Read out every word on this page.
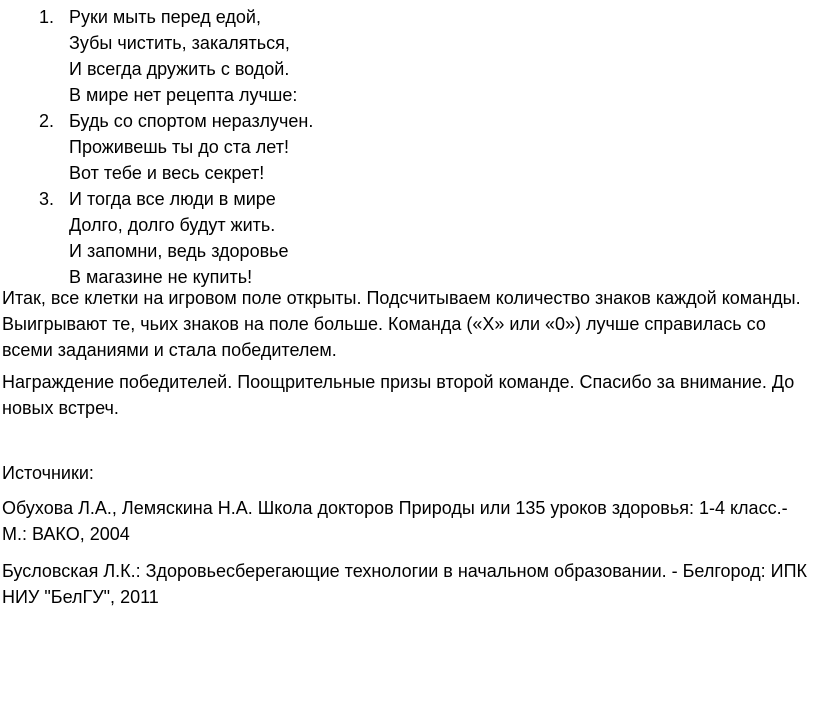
1. Руки мыть перед едой,
Зубы чистить, закаляться,
И всегда дружить с водой.
В мире нет рецепта лучше:
2. Будь со спортом неразлучен.
Проживешь ты до ста лет!
Вот тебе и весь секрет!
3. И тогда все люди в мире
Долго, долго будут жить.
И запомни, ведь здоровье
В магазине не купить!

Итак, все клетки на игровом поле открыты. Подсчитываем количество знаков каждой команды. Выигрывают те, чьих знаков на поле больше. Команда («Х» или «0») лучше справилась со всеми заданиями и стала победителем.

Награждение победителей. Поощрительные призы второй команде. Спасибо за внимание. До новых встреч.

Источники:

Обухова Л.А., Лемяскина Н.А. Школа докторов Природы или 135 уроков здоровья: 1-4 класс.- М.: ВАКО, 2004

Бусловская Л.К.: Здоровьесберегающие технологии в начальном образовании. - Белгород: ИПК НИУ "БелГУ", 2011
